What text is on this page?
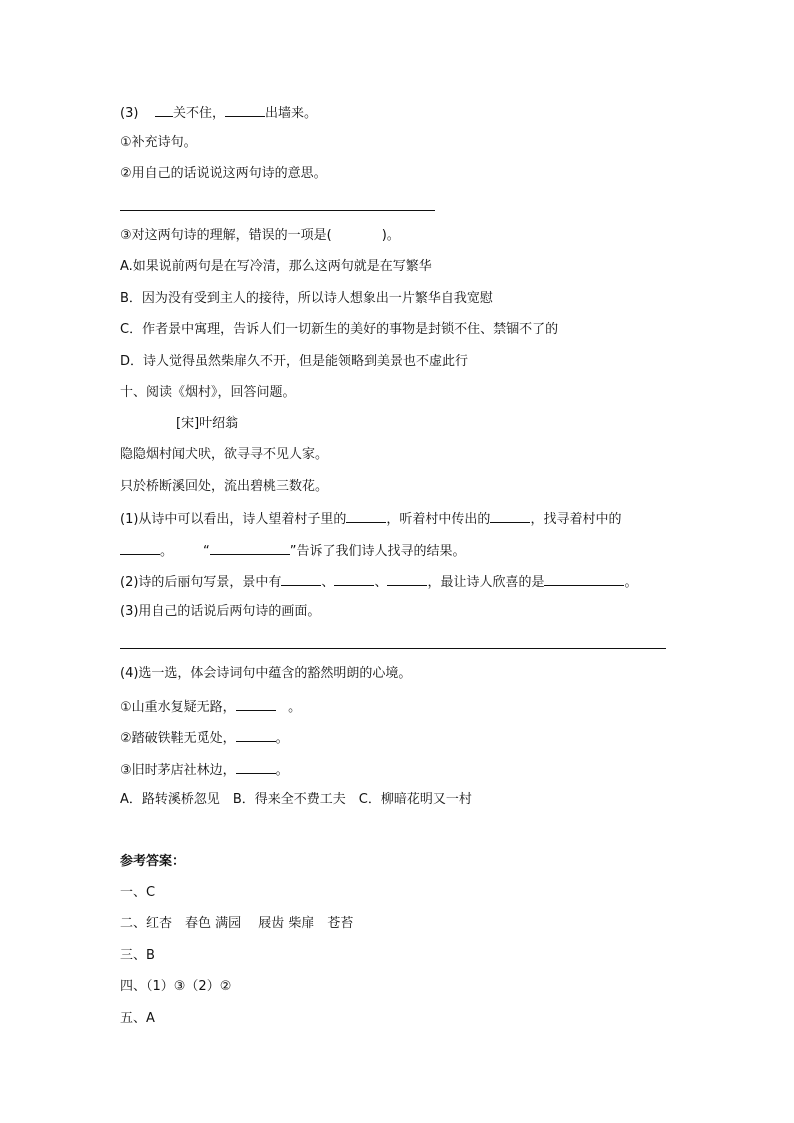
(3)	关不住，	出墙来。
①补充诗句。
②用自己的话说说这两句诗的意思。
③对这两句诗的理解，错误的一项是(	)。
A.如果说前两句是在写冷清，那么这两句就是在写繁华
B．因为没有受到主人的接待，所以诗人想象出一片繁华自我宽慰
C．作者景中寓理，告诉人们一切新生的美好的事物是封锁不住、禁锢不了的
D．诗人觉得虽然柴扉久不开，但是能领略到美景也不虚此行
十、阅读《烟村》，回答问题。
[宋]叶绍翁
隐隐烟村闻犬吠，欲寻寻不见人家。
只於桥断溪回处，流出碧桃三数花。
(1)从诗中可以看出，诗人望着村子里的	，听着村中传出的	，找寻着村中的
。 “	”告诉了我们诗人找寻的结果。
(2)诗的后丽句写景，景中有	、	、	，最让诗人欣喜的是	。
(3)用自己的话说后两句诗的画面。
(4)选一选，体会诗词句中蕴含的豁然明朗的心境。
①山重水复疑无路，	。
②踏破铁鞋无觅处，	。
③旧时茅店社林边，	。
A．路转溪桥忽见　B．得来全不费工夫　C．柳暗花明又一村
参考答案：
一、C
二、红杏　春色 满园　 屐齿 柴扉　苍苔
三、B
四、（1）③（2）②
五、A
